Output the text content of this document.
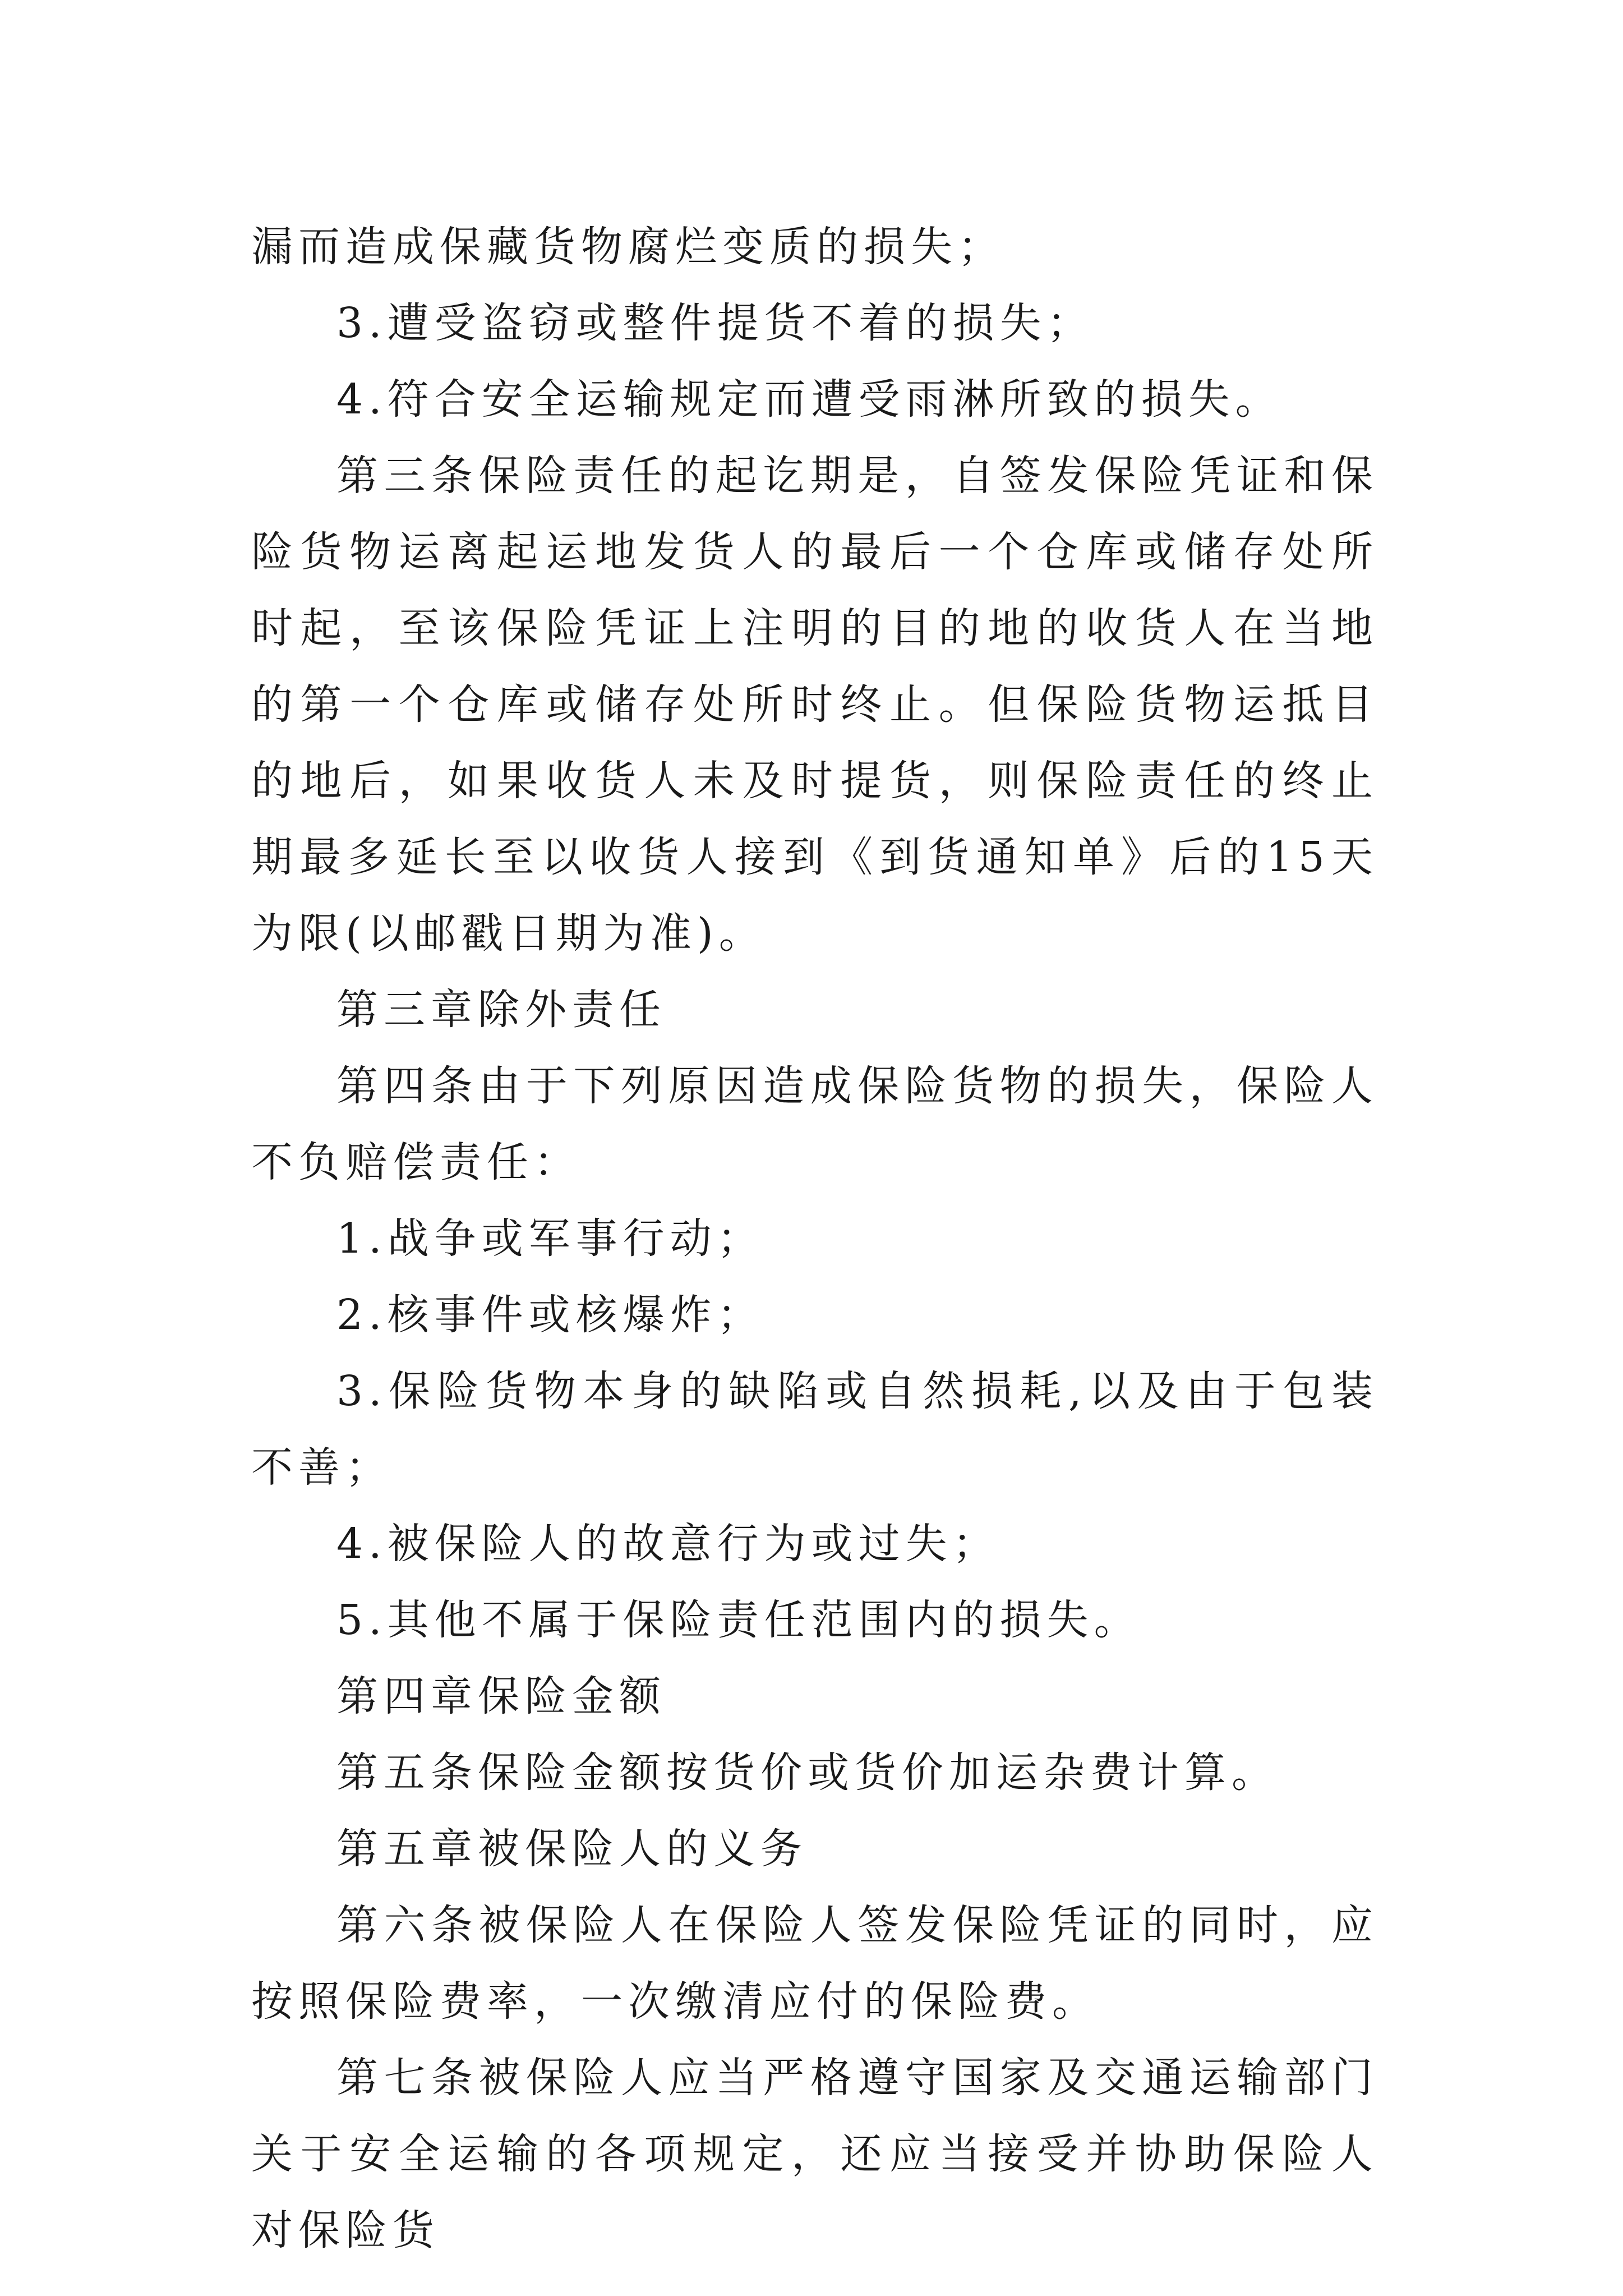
漏而造成保藏货物腐烂变质的损失；

3.遭受盗窃或整件提货不着的损失；

4.符合安全运输规定而遭受雨淋所致的损失。

第三条保险责任的起讫期是，自签发保险凭证和保险货物运离起运地发货人的最后一个仓库或储存处所时起，至该保险凭证上注明的目的地的收货人在当地的第一个仓库或储存处所时终止。但保险货物运抵目的地后，如果收货人未及时提货，则保险责任的终止期最多延长至以收货人接到《到货通知单》后的15天为限(以邮戳日期为准)。

第三章除外责任

第四条由于下列原因造成保险货物的损失，保险人不负赔偿责任：

1.战争或军事行动；

2.核事件或核爆炸；

3.保险货物本身的缺陷或自然损耗,以及由于包装不善；

4.被保险人的故意行为或过失；

5.其他不属于保险责任范围内的损失。

第四章保险金额

第五条保险金额按货价或货价加运杂费计算。

第五章被保险人的义务

第六条被保险人在保险人签发保险凭证的同时，应按照保险费率，一次缴清应付的保险费。

第七条被保险人应当严格遵守国家及交通运输部门关于安全运输的各项规定，还应当接受并协助保险人对保险货
